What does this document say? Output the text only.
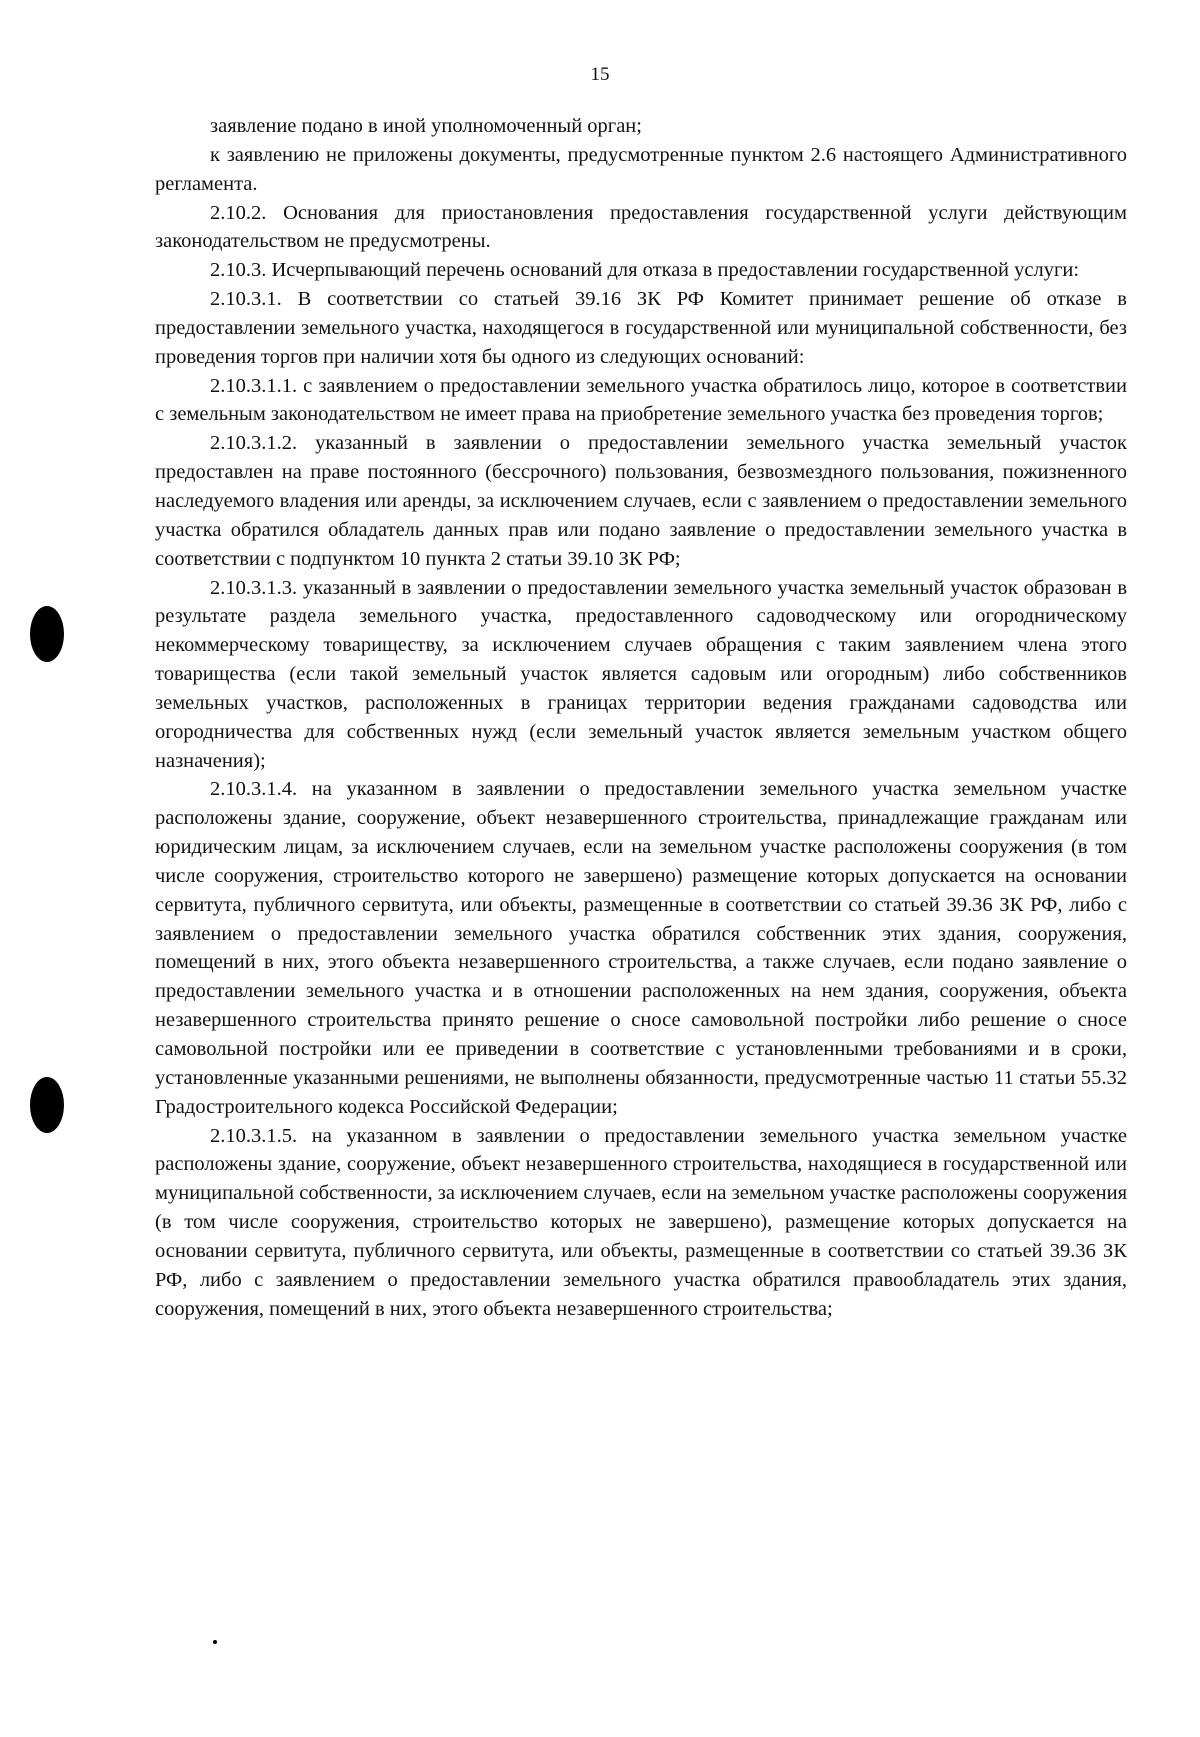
15

заявление подано в иной уполномоченный орган;

к заявлению не приложены документы, предусмотренные пунктом 2.6 настоящего Административного регламента.

2.10.2. Основания для приостановления предоставления государственной услуги действующим законодательством не предусмотрены.

2.10.3. Исчерпывающий перечень оснований для отказа в предоставлении государственной услуги:

2.10.3.1. В соответствии со статьей 39.16 ЗК РФ Комитет принимает решение об отказе в предоставлении земельного участка, находящегося в государственной или муниципальной собственности, без проведения торгов при наличии хотя бы одного из следующих оснований:

2.10.3.1.1. с заявлением о предоставлении земельного участка обратилось лицо, которое в соответствии с земельным законодательством не имеет права на приобретение земельного участка без проведения торгов;

2.10.3.1.2. указанный в заявлении о предоставлении земельного участка земельный участок предоставлен на праве постоянного (бессрочного) пользования, безвозмездного пользования, пожизненного наследуемого владения или аренды, за исключением случаев, если с заявлением о предоставлении земельного участка обратился обладатель данных прав или подано заявление о предоставлении земельного участка в соответствии с подпунктом 10 пункта 2 статьи 39.10 ЗК РФ;

2.10.3.1.3. указанный в заявлении о предоставлении земельного участка земельный участок образован в результате раздела земельного участка, предоставленного садоводческому или огородническому некоммерческому товариществу, за исключением случаев обращения с таким заявлением члена этого товарищества (если такой земельный участок является садовым или огородным) либо собственников земельных участков, расположенных в границах территории ведения гражданами садоводства или огородничества для собственных нужд (если земельный участок является земельным участком общего назначения);

2.10.3.1.4. на указанном в заявлении о предоставлении земельного участка земельном участке расположены здание, сооружение, объект незавершенного строительства, принадлежащие гражданам или юридическим лицам, за исключением случаев, если на земельном участке расположены сооружения (в том числе сооружения, строительство которого не завершено) размещение которых допускается на основании сервитута, публичного сервитута, или объекты, размещенные в соответствии со статьей 39.36 ЗК РФ, либо с заявлением о предоставлении земельного участка обратился собственник этих здания, сооружения, помещений в них, этого объекта незавершенного строительства, а также случаев, если подано заявление о предоставлении земельного участка и в отношении расположенных на нем здания, сооружения, объекта незавершенного строительства принято решение о сносе самовольной постройки либо решение о сносе самовольной постройки или ее приведении в соответствие с установленными требованиями и в сроки, установленные указанными решениями, не выполнены обязанности, предусмотренные частью 11 статьи 55.32 Градостроительного кодекса Российской Федерации;

2.10.3.1.5. на указанном в заявлении о предоставлении земельного участка земельном участке расположены здание, сооружение, объект незавершенного строительства, находящиеся в государственной или муниципальной собственности, за исключением случаев, если на земельном участке расположены сооружения (в том числе сооружения, строительство которых не завершено), размещение которых допускается на основании сервитута, публичного сервитута, или объекты, размещенные в соответствии со статьей 39.36 ЗК РФ, либо с заявлением о предоставлении земельного участка обратился правообладатель этих здания, сооружения, помещений в них, этого объекта незавершенного строительства;
